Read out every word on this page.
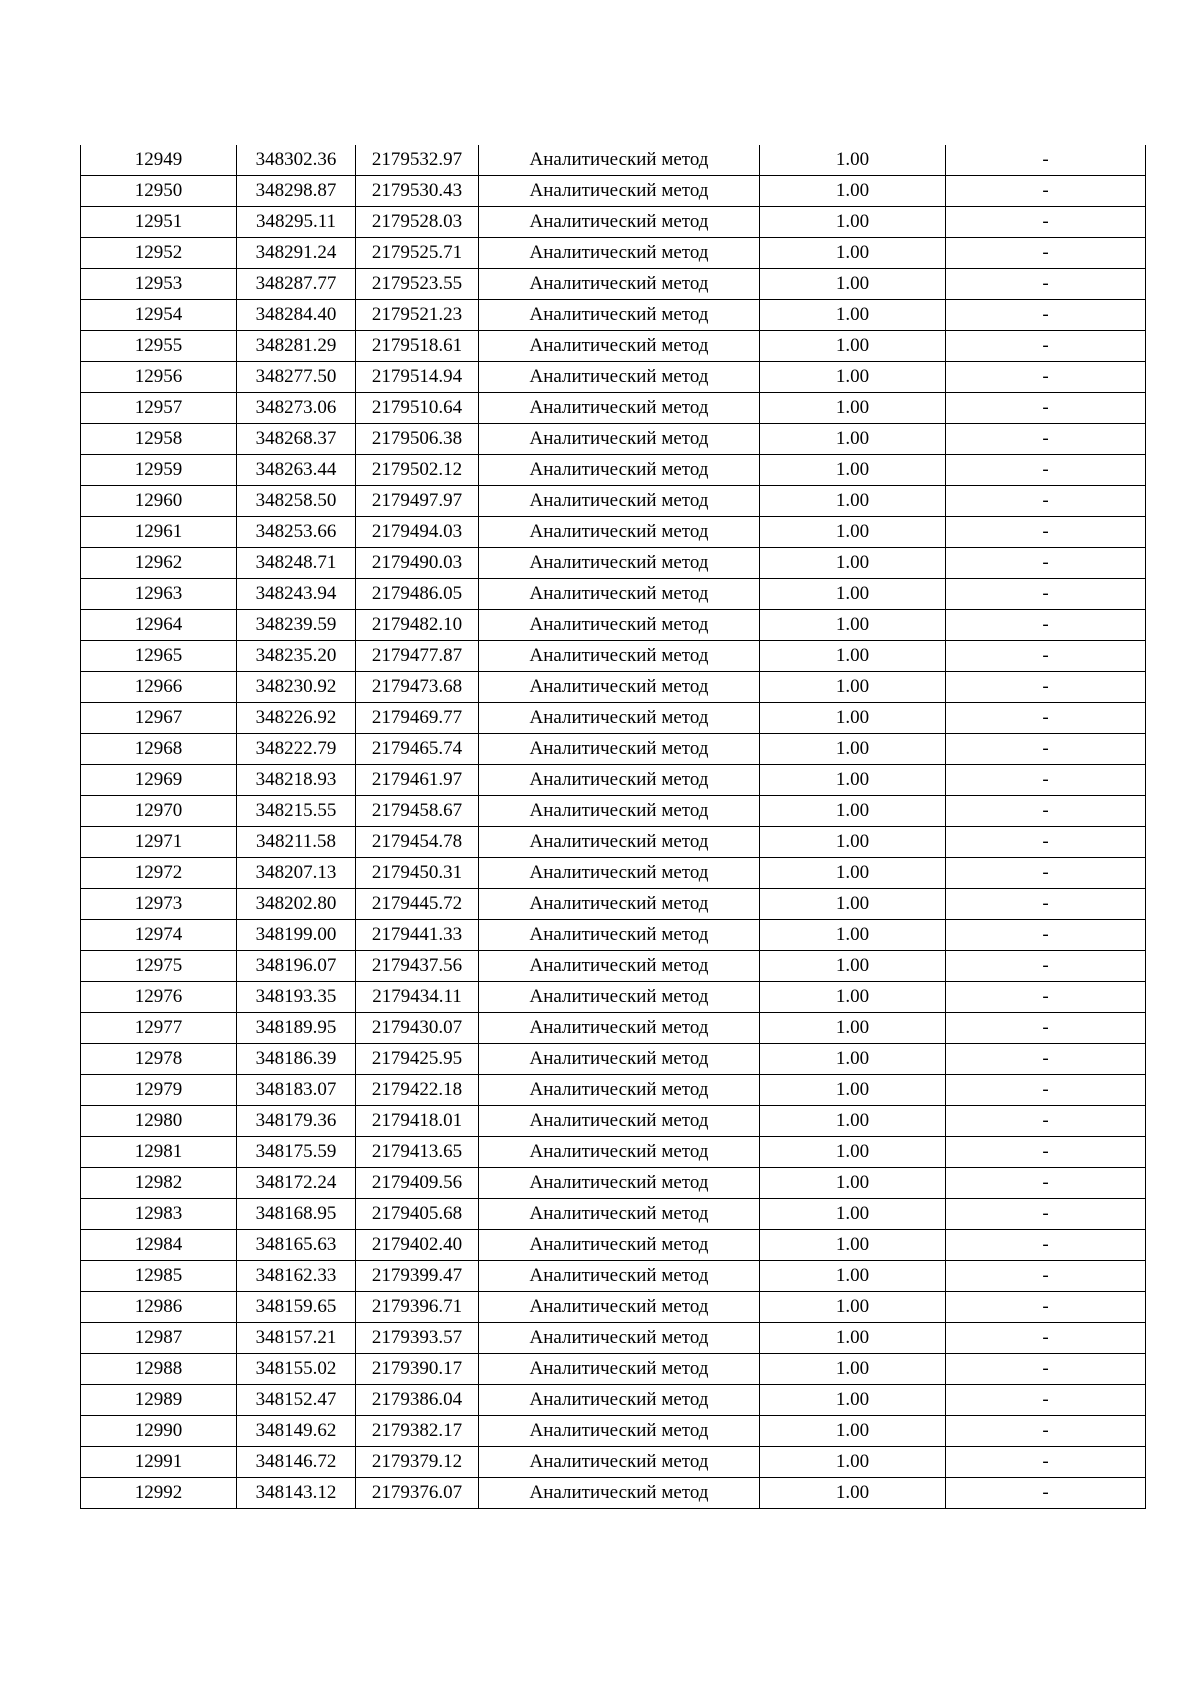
12949	348302.36	2179532.97	Аналитический метод	1.00	-
12950	348298.87	2179530.43	Аналитический метод	1.00	-
12951	348295.11	2179528.03	Аналитический метод	1.00	-
12952	348291.24	2179525.71	Аналитический метод	1.00	-
12953	348287.77	2179523.55	Аналитический метод	1.00	-
12954	348284.40	2179521.23	Аналитический метод	1.00	-
12955	348281.29	2179518.61	Аналитический метод	1.00	-
12956	348277.50	2179514.94	Аналитический метод	1.00	-
12957	348273.06	2179510.64	Аналитический метод	1.00	-
12958	348268.37	2179506.38	Аналитический метод	1.00	-
12959	348263.44	2179502.12	Аналитический метод	1.00	-
12960	348258.50	2179497.97	Аналитический метод	1.00	-
12961	348253.66	2179494.03	Аналитический метод	1.00	-
12962	348248.71	2179490.03	Аналитический метод	1.00	-
12963	348243.94	2179486.05	Аналитический метод	1.00	-
12964	348239.59	2179482.10	Аналитический метод	1.00	-
12965	348235.20	2179477.87	Аналитический метод	1.00	-
12966	348230.92	2179473.68	Аналитический метод	1.00	-
12967	348226.92	2179469.77	Аналитический метод	1.00	-
12968	348222.79	2179465.74	Аналитический метод	1.00	-
12969	348218.93	2179461.97	Аналитический метод	1.00	-
12970	348215.55	2179458.67	Аналитический метод	1.00	-
12971	348211.58	2179454.78	Аналитический метод	1.00	-
12972	348207.13	2179450.31	Аналитический метод	1.00	-
12973	348202.80	2179445.72	Аналитический метод	1.00	-
12974	348199.00	2179441.33	Аналитический метод	1.00	-
12975	348196.07	2179437.56	Аналитический метод	1.00	-
12976	348193.35	2179434.11	Аналитический метод	1.00	-
12977	348189.95	2179430.07	Аналитический метод	1.00	-
12978	348186.39	2179425.95	Аналитический метод	1.00	-
12979	348183.07	2179422.18	Аналитический метод	1.00	-
12980	348179.36	2179418.01	Аналитический метод	1.00	-
12981	348175.59	2179413.65	Аналитический метод	1.00	-
12982	348172.24	2179409.56	Аналитический метод	1.00	-
12983	348168.95	2179405.68	Аналитический метод	1.00	-
12984	348165.63	2179402.40	Аналитический метод	1.00	-
12985	348162.33	2179399.47	Аналитический метод	1.00	-
12986	348159.65	2179396.71	Аналитический метод	1.00	-
12987	348157.21	2179393.57	Аналитический метод	1.00	-
12988	348155.02	2179390.17	Аналитический метод	1.00	-
12989	348152.47	2179386.04	Аналитический метод	1.00	-
12990	348149.62	2179382.17	Аналитический метод	1.00	-
12991	348146.72	2179379.12	Аналитический метод	1.00	-
12992	348143.12	2179376.07	Аналитический метод	1.00	-
